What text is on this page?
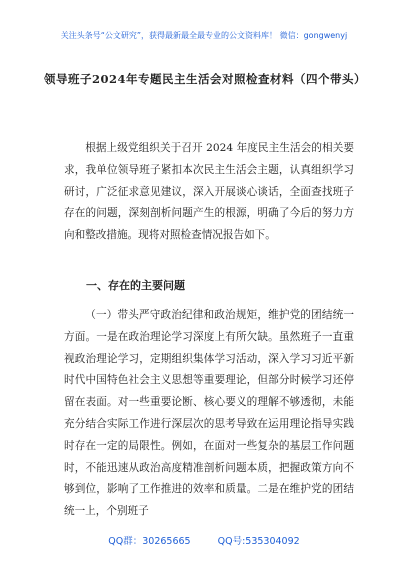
关注头条号“公文研究”，获得最新最全最专业的公文资料库！ 微信：gongwenyj
领导班子2024年专题民主生活会对照检查材料（四个带头）

根据上级党组织关于召开 2024 年度民主生活会的相关要求，我单位领导班子紧扣本次民主生活会主题，认真组织学习研讨，广泛征求意见建议，深入开展谈心谈话，全面查找班子存在的问题，深刻剖析问题产生的根源，明确了今后的努力方向和整改措施。现将对照检查情况报告如下。

一、存在的主要问题

（一）带头严守政治纪律和政治规矩，维护党的团结统一方面。一是在政治理论学习深度上有所欠缺。虽然班子一直重视政治理论学习，定期组织集体学习活动，深入学习习近平新时代中国特色社会主义思想等重要理论，但部分时候学习还停留在表面。对一些重要论断、核心要义的理解不够透彻，未能充分结合实际工作进行深层次的思考导致在运用理论指导实践时存在一定的局限性。例如，在面对一些复杂的基层工作问题时，不能迅速从政治高度精准剖析问题本质，把握政策方向不够到位，影响了工作推进的效率和质量。二是在维护党的团结统一上，个别班子

QQ群：30265665	QQ号:535304092
